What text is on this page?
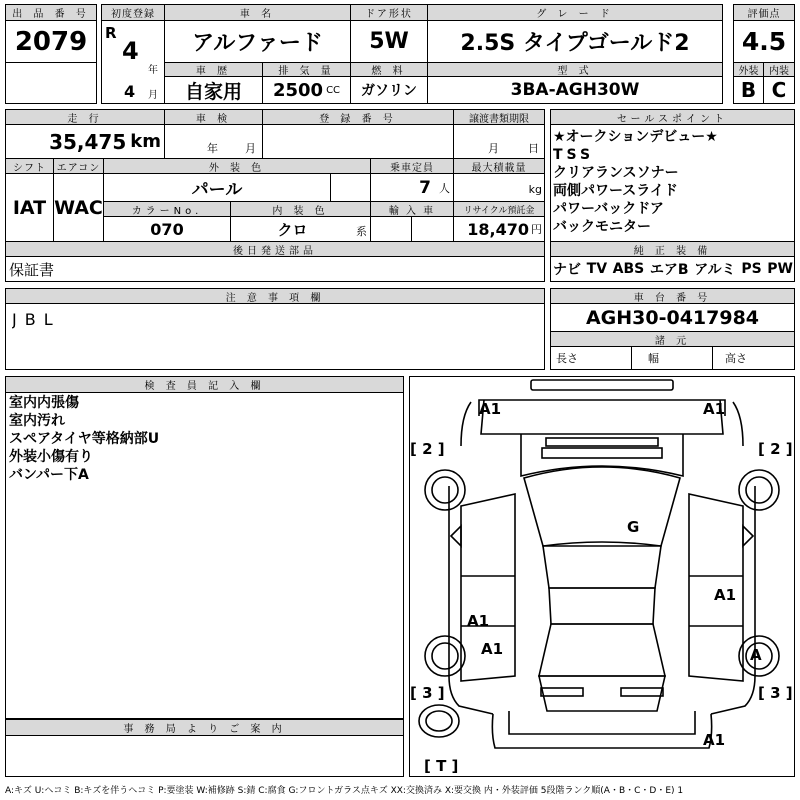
出 品 番 号
2079
初度登録
R
4
年
4 月
車 名
アルファード
ドア形状
5W
グ レ ー ド
2.5S タイプゴールド2
評価点
4.5
外装	内装
B C
車 歴
自家用
排 気 量
2500 CC
燃 料
ガソリン
型 式
3BA-AGH30W
走 行
35,475 km
車 検
年 月
登 録 番 号	譲渡書類期限
月	日
シフト
IAT
エアコン
WAC
外 装 色
パール
乗車定員
7 人
最大積載量
kg
カラーNo.
070
内 装 色
クロ	系
輸 入 車	リサイクル預託金
18,470 円
後日発送部品
保証書
セールスポイント
★オークションデビュー★
TSS
クリアランスソナー
両側パワースライド
パワーバックドア
バックモニター
純 正 装 備
ナビ TV ABS エアB アルミ PS PW
注 意 事 項 欄
JBL
車 台 番 号
AGH30-0417984
諸 元
長さ	幅	高さ
検 査 員 記 入 欄
室内内張傷
室内汚れ
スペアタイヤ等格納部U
外装小傷有り
バンパー下A
事 務 局 よ り ご 案 内
A1	A1
G
A1
A1
A1	A
A1
[ 2 ]	[ 2 ]
[ 3 ]	[ 3 ]
[ T ]
A:キズ U:ヘコミ B:キズを伴うヘコミ P:要塗装 W:補修跡 S:錆 C:腐食 G:フロントガラス点キズ XX:交換済み X:要交換 内・外装評価 5段階ランク順(A・B・C・D・E) 1
